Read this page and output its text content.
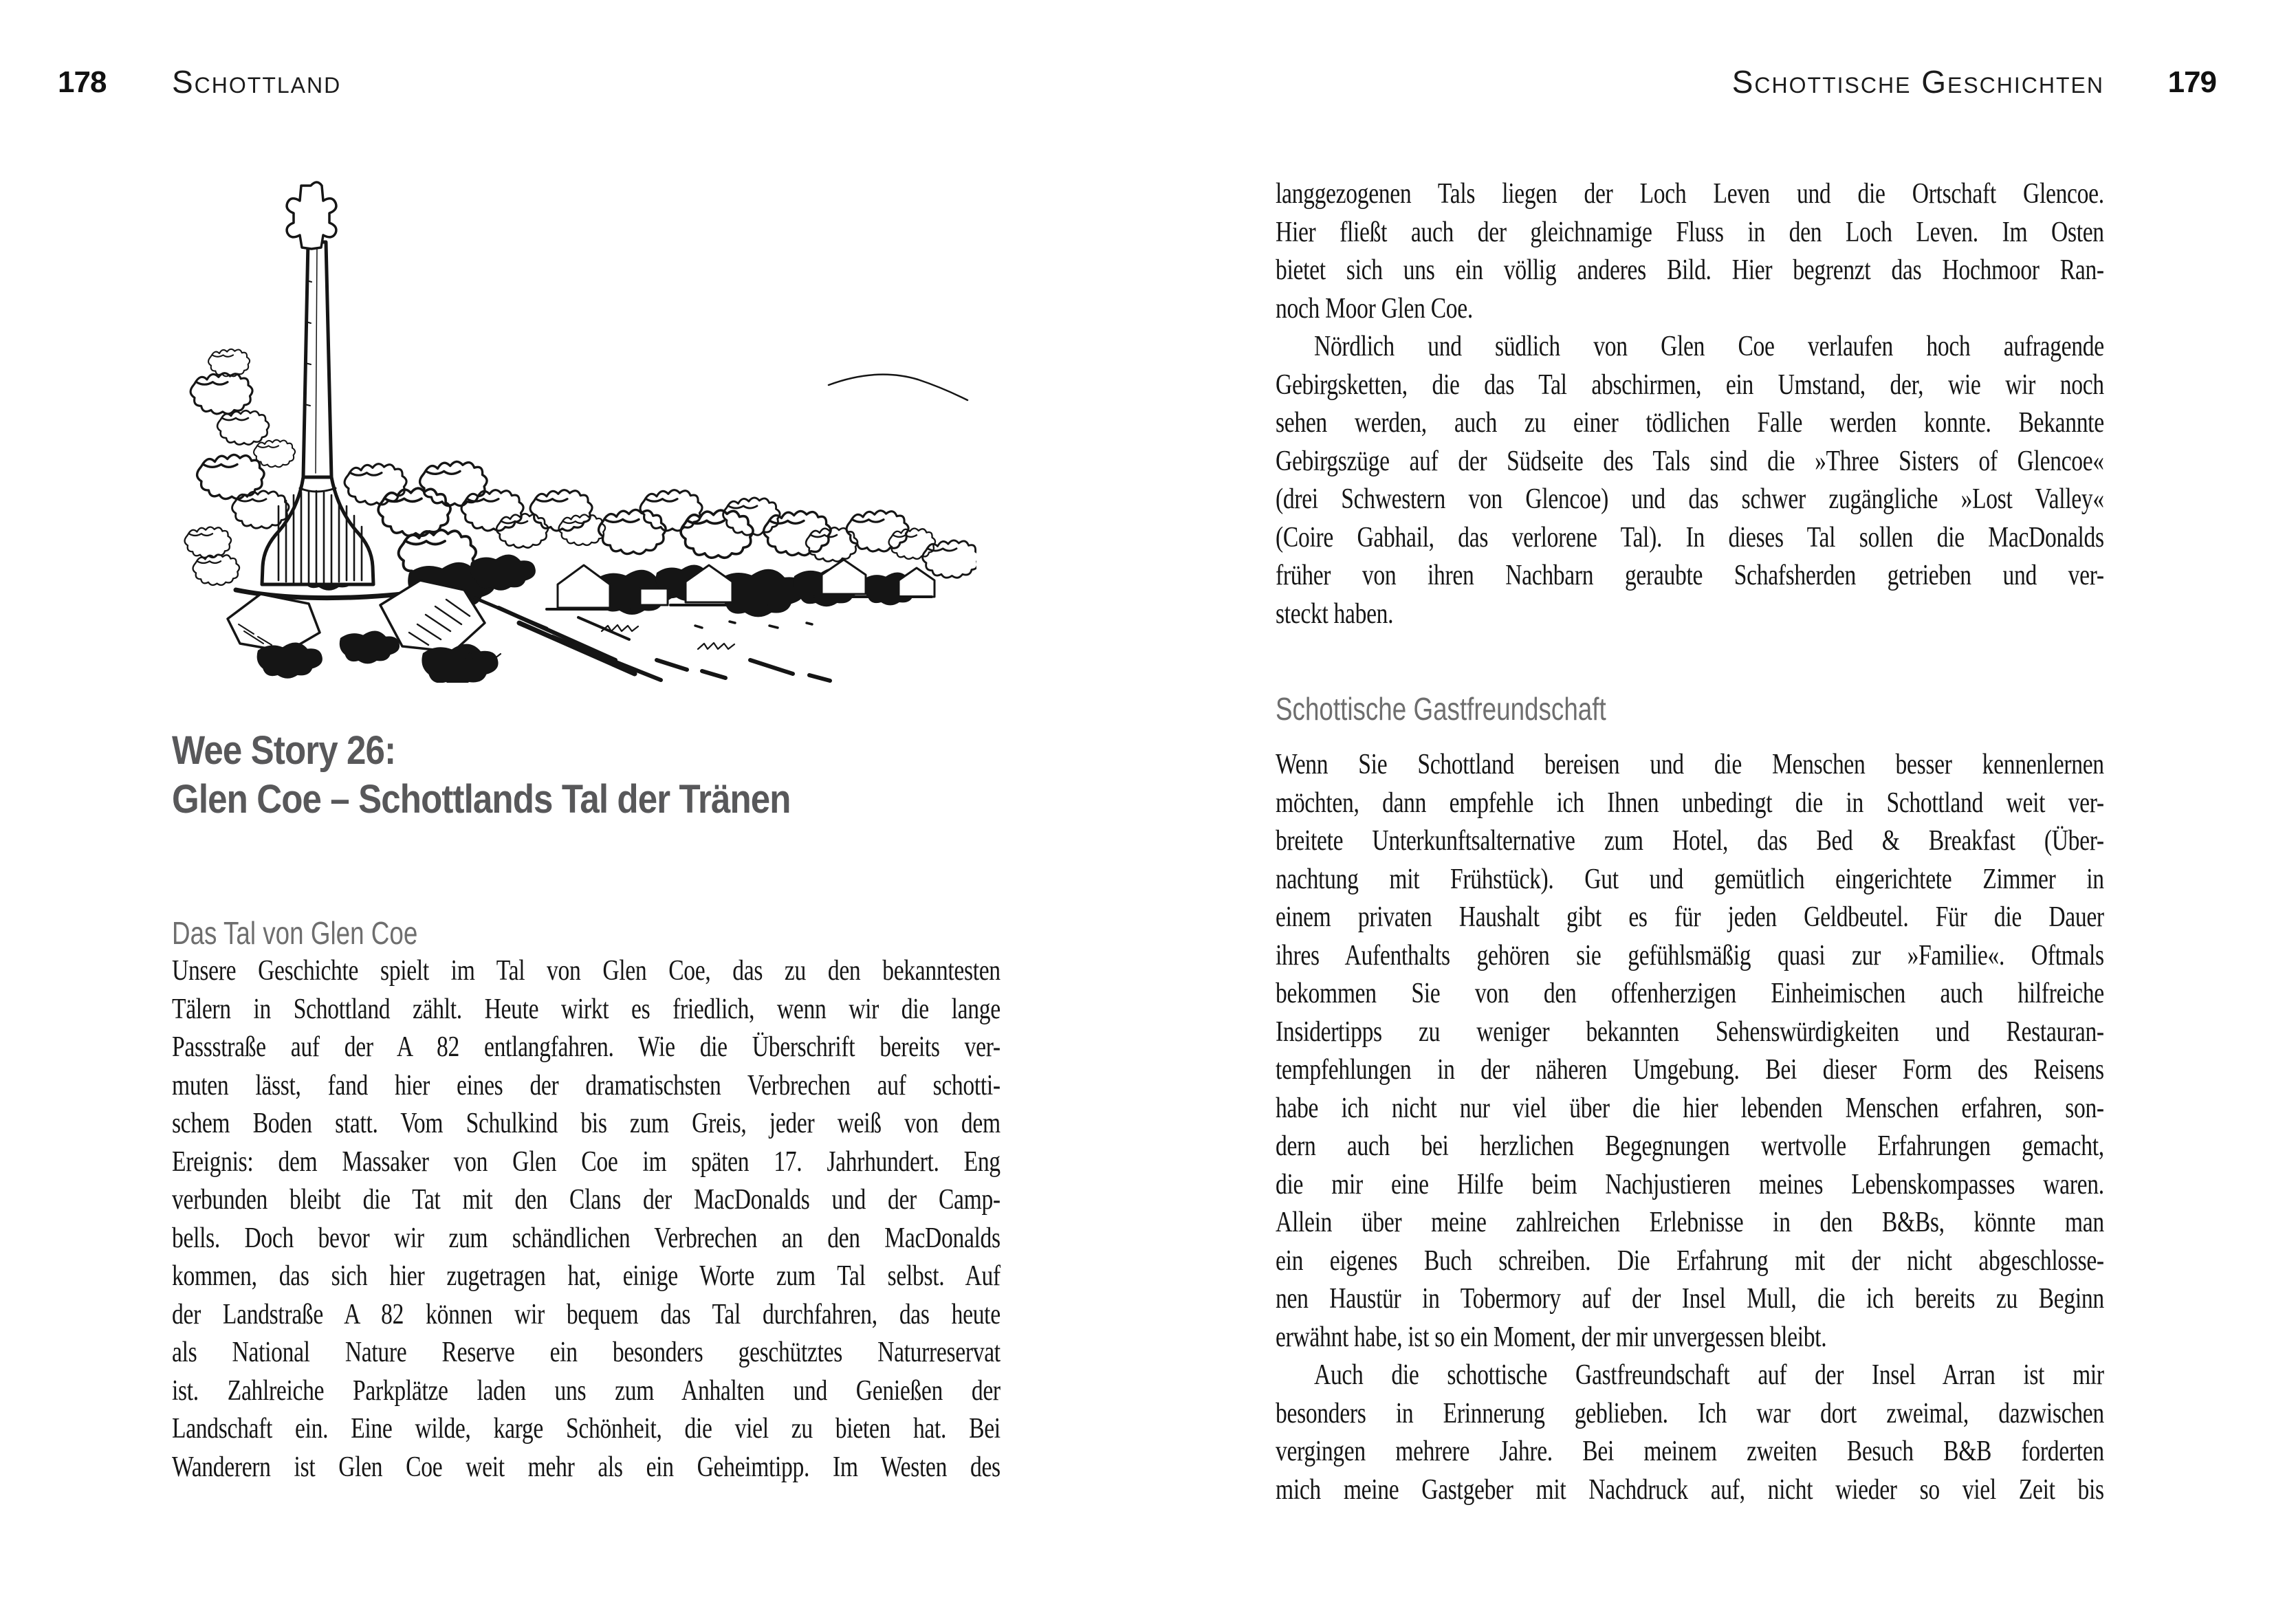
178 Schottland
Wee Story 26:
Glen Coe – Schottlands Tal der Tränen
Das Tal von Glen Coe
Unsere Geschichte spielt im Tal von Glen Coe, das zu den bekanntesten
Tälern in Schottland zählt. Heute wirkt es friedlich, wenn wir die lange
Passstraße auf der A 82 entlangfahren. Wie die Überschrift bereits ver-
muten lässt, fand hier eines der dramatischsten Verbrechen auf schotti-
schem Boden statt. Vom Schulkind bis zum Greis, jeder weiß von dem
Ereignis: dem Massaker von Glen Coe im späten 17. Jahrhundert. Eng
verbunden bleibt die Tat mit den Clans der MacDonalds und der Camp-
bells. Doch bevor wir zum schändlichen Verbrechen an den MacDonalds
kommen, das sich hier zugetragen hat, einige Worte zum Tal selbst. Auf
der Landstraße A 82 können wir bequem das Tal durchfahren, das heute
als National Nature Reserve ein besonders geschütztes Naturreservat
ist. Zahlreiche Parkplätze laden uns zum Anhalten und Genießen der
Landschaft ein. Eine wilde, karge Schönheit, die viel zu bieten hat. Bei
Wanderern ist Glen Coe weit mehr als ein Geheimtipp. Im Westen des
Schottische Geschichten 179
langgezogenen Tals liegen der Loch Leven und die Ortschaft Glencoe.
Hier fließt auch der gleichnamige Fluss in den Loch Leven. Im Osten
bietet sich uns ein völlig anderes Bild. Hier begrenzt das Hochmoor Ran-
noch Moor Glen Coe.
Nördlich und südlich von Glen Coe verlaufen hoch aufragende
Gebirgsketten, die das Tal abschirmen, ein Umstand, der, wie wir noch
sehen werden, auch zu einer tödlichen Falle werden konnte. Bekannte
Gebirgszüge auf der Südseite des Tals sind die »Three Sisters of Glencoe«
(drei Schwestern von Glencoe) und das schwer zugängliche »Lost Valley«
(Coire Gabhail, das verlorene Tal). In dieses Tal sollen die MacDonalds
früher von ihren Nachbarn geraubte Schafsherden getrieben und ver-
steckt haben.
Schottische Gastfreundschaft
Wenn Sie Schottland bereisen und die Menschen besser kennenlernen
möchten, dann empfehle ich Ihnen unbedingt die in Schottland weit ver-
breitete Unterkunftsalternative zum Hotel, das Bed & Breakfast (Über-
nachtung mit Frühstück). Gut und gemütlich eingerichtete Zimmer in
einem privaten Haushalt gibt es für jeden Geldbeutel. Für die Dauer
ihres Aufenthalts gehören sie gefühlsmäßig quasi zur »Familie«. Oftmals
bekommen Sie von den offenherzigen Einheimischen auch hilfreiche
Insidertipps zu weniger bekannten Sehenswürdigkeiten und Restauran-
tempfehlungen in der näheren Umgebung. Bei dieser Form des Reisens
habe ich nicht nur viel über die hier lebenden Menschen erfahren, son-
dern auch bei herzlichen Begegnungen wertvolle Erfahrungen gemacht,
die mir eine Hilfe beim Nachjustieren meines Lebenskompasses waren.
Allein über meine zahlreichen Erlebnisse in den B&Bs, könnte man
ein eigenes Buch schreiben. Die Erfahrung mit der nicht abgeschlosse-
nen Haustür in Tobermory auf der Insel Mull, die ich bereits zu Beginn
erwähnt habe, ist so ein Moment, der mir unvergessen bleibt.
Auch die schottische Gastfreundschaft auf der Insel Arran ist mir
besonders in Erinnerung geblieben. Ich war dort zweimal, dazwischen
vergingen mehrere Jahre. Bei meinem zweiten Besuch B&B forderten
mich meine Gastgeber mit Nachdruck auf, nicht wieder so viel Zeit bis
